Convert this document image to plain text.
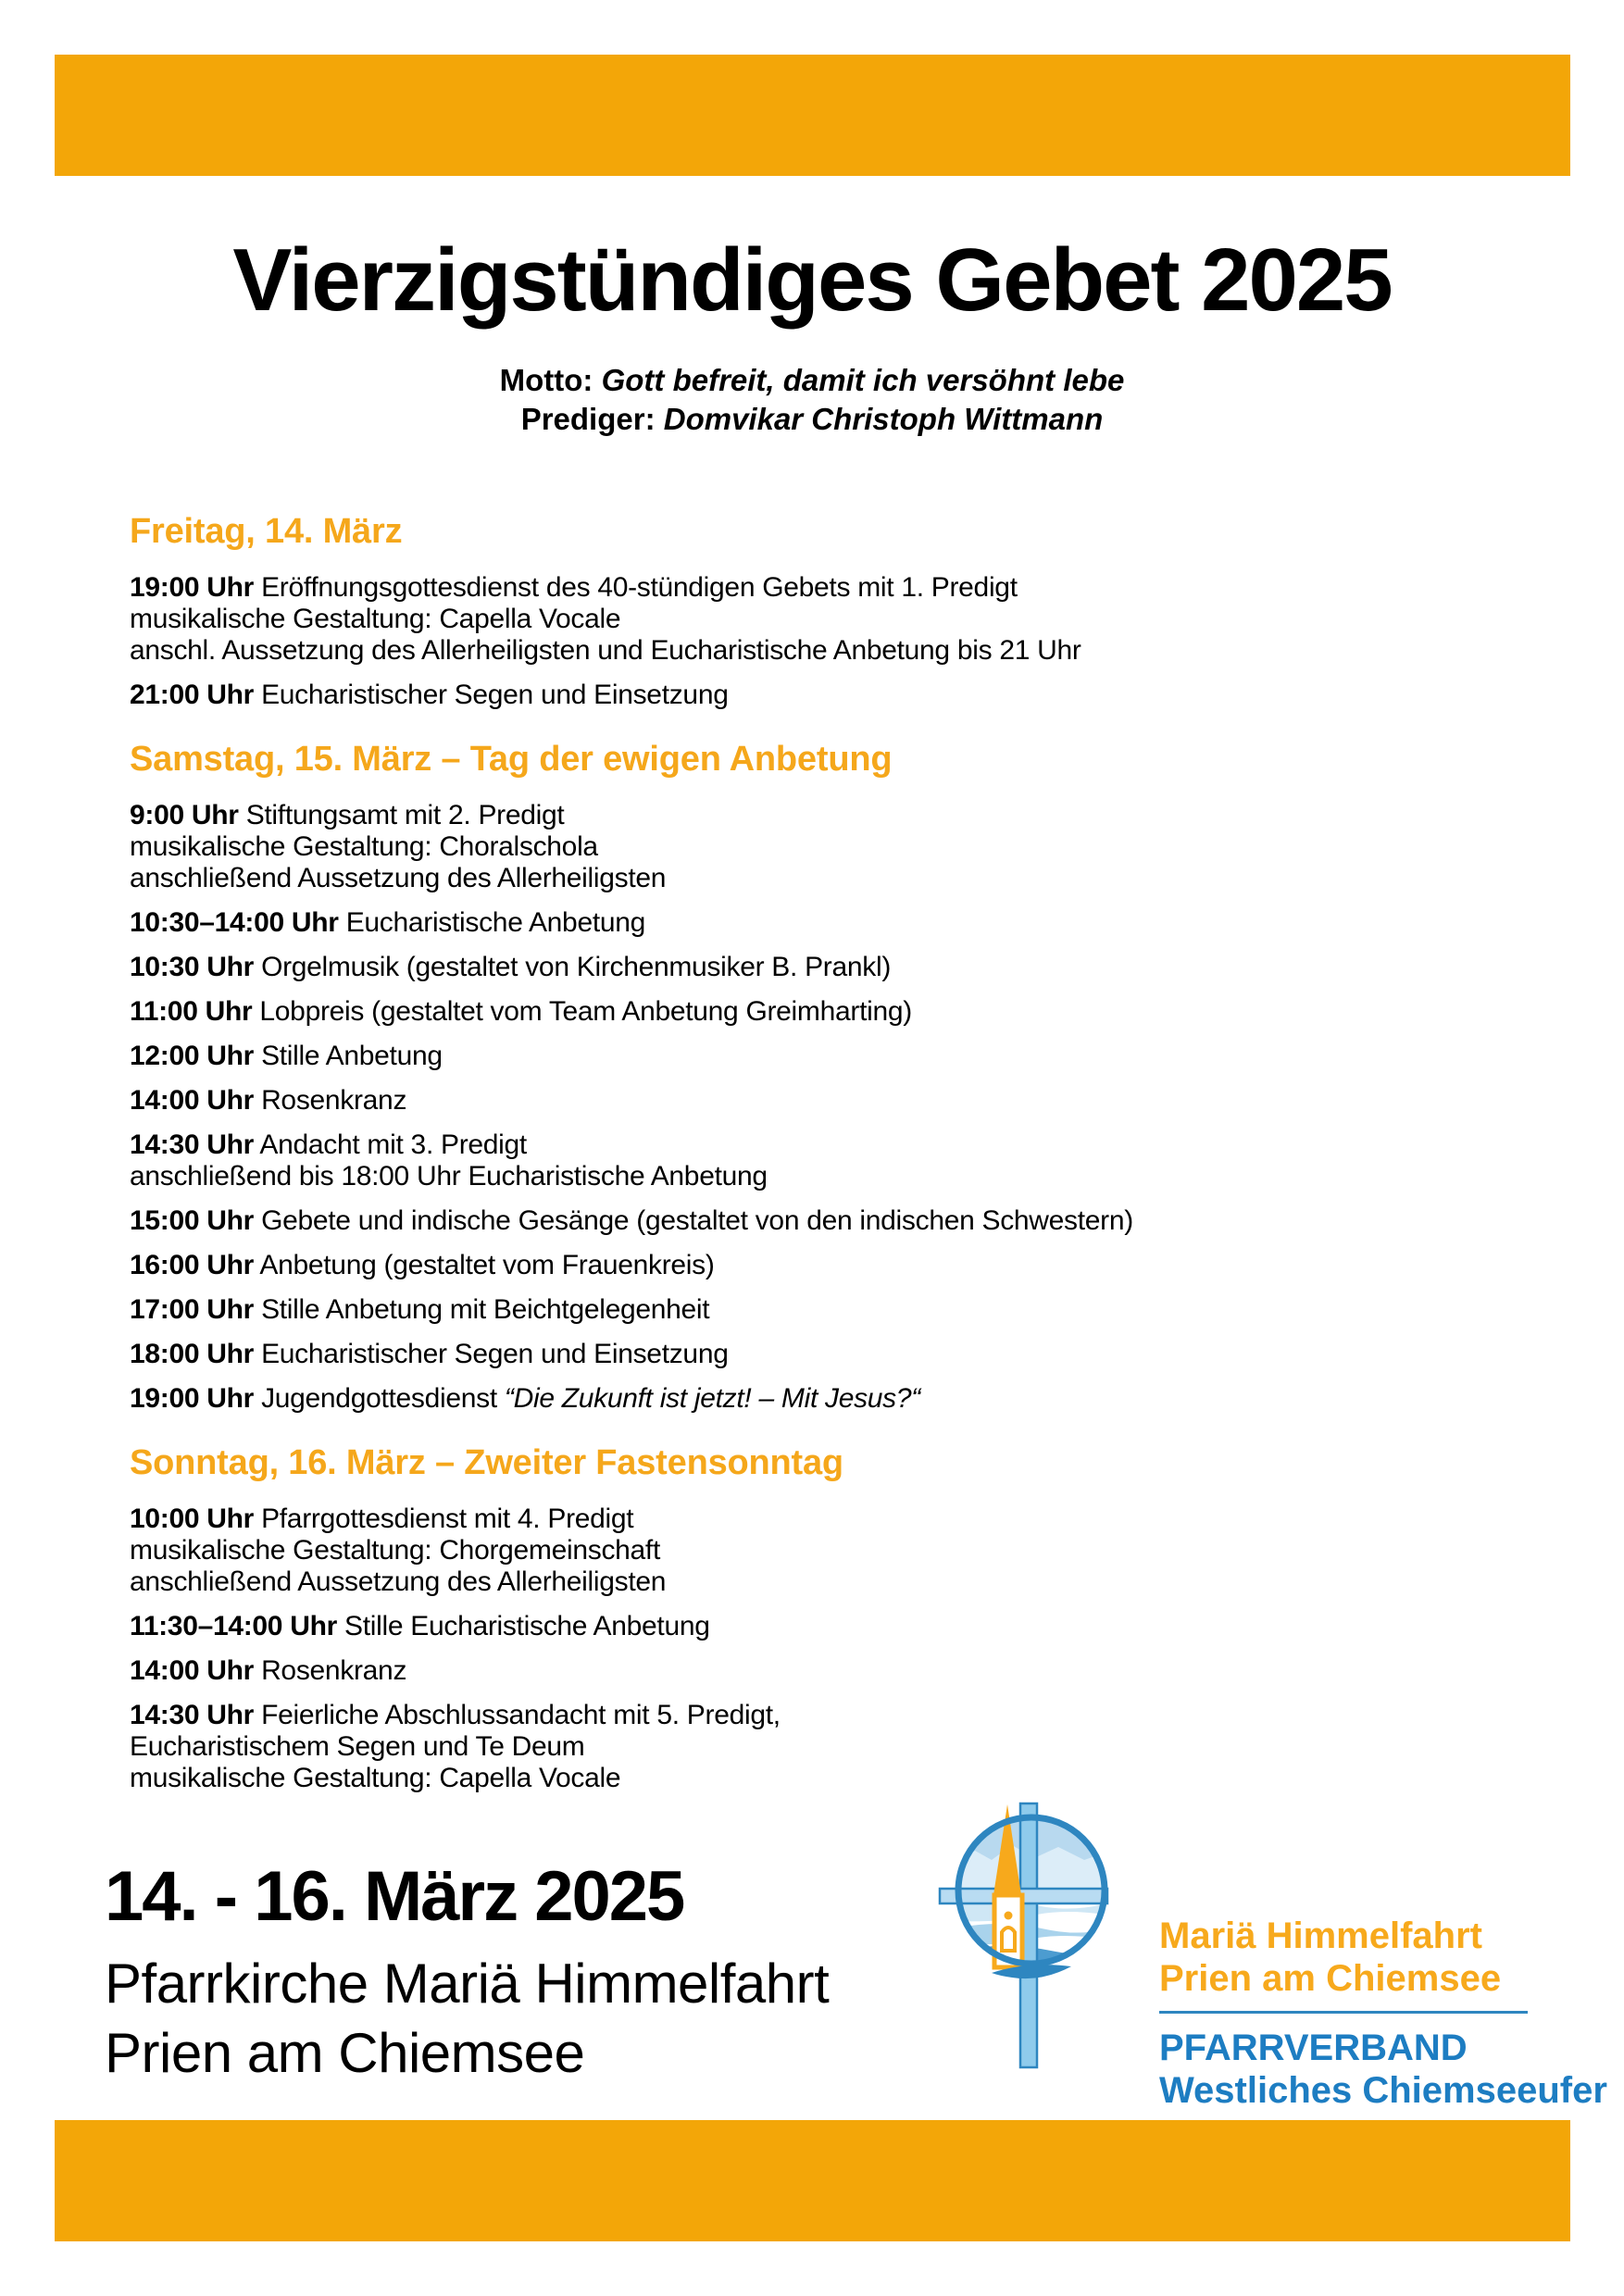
Vierzigstündiges Gebet 2025
Motto: Gott befreit, damit ich versöhnt lebe
Prediger: Domvikar Christoph Wittmann
Freitag, 14. März

19:00 Uhr Eröffnungsgottesdienst des 40-stündigen Gebets mit 1. Predigt
musikalische Gestaltung: Capella Vocale
anschl. Aussetzung des Allerheiligsten und Eucharistische Anbetung bis 21 Uhr

21:00 Uhr Eucharistischer Segen und Einsetzung

Samstag, 15. März – Tag der ewigen Anbetung

9:00 Uhr Stiftungsamt mit 2. Predigt
musikalische Gestaltung: Choralschola
anschließend Aussetzung des Allerheiligsten

10:30–14:00 Uhr Eucharistische Anbetung

10:30 Uhr Orgelmusik (gestaltet von Kirchenmusiker B. Prankl)

11:00 Uhr Lobpreis (gestaltet vom Team Anbetung Greimharting)

12:00 Uhr Stille Anbetung

14:00 Uhr Rosenkranz

14:30 Uhr Andacht mit 3. Predigt
anschließend bis 18:00 Uhr Eucharistische Anbetung

15:00 Uhr Gebete und indische Gesänge (gestaltet von den indischen Schwestern)

16:00 Uhr Anbetung (gestaltet vom Frauenkreis)

17:00 Uhr Stille Anbetung mit Beichtgelegenheit

18:00 Uhr Eucharistischer Segen und Einsetzung

19:00 Uhr Jugendgottesdienst “Die Zukunft ist jetzt! – Mit Jesus?“

Sonntag, 16. März – Zweiter Fastensonntag

10:00 Uhr Pfarrgottesdienst mit 4. Predigt
musikalische Gestaltung: Chorgemeinschaft
anschließend Aussetzung des Allerheiligsten

11:30–14:00 Uhr Stille Eucharistische Anbetung

14:00 Uhr Rosenkranz

14:30 Uhr Feierliche Abschlussandacht mit 5. Predigt,
Eucharistischem Segen und Te Deum
musikalische Gestaltung: Capella Vocale

14. - 16. März 2025
Pfarrkirche Mariä Himmelfahrt
Prien am Chiemsee
Mariä Himmelfahrt
Prien am Chiemsee
PFARRVERBAND
Westliches Chiemseeufer
